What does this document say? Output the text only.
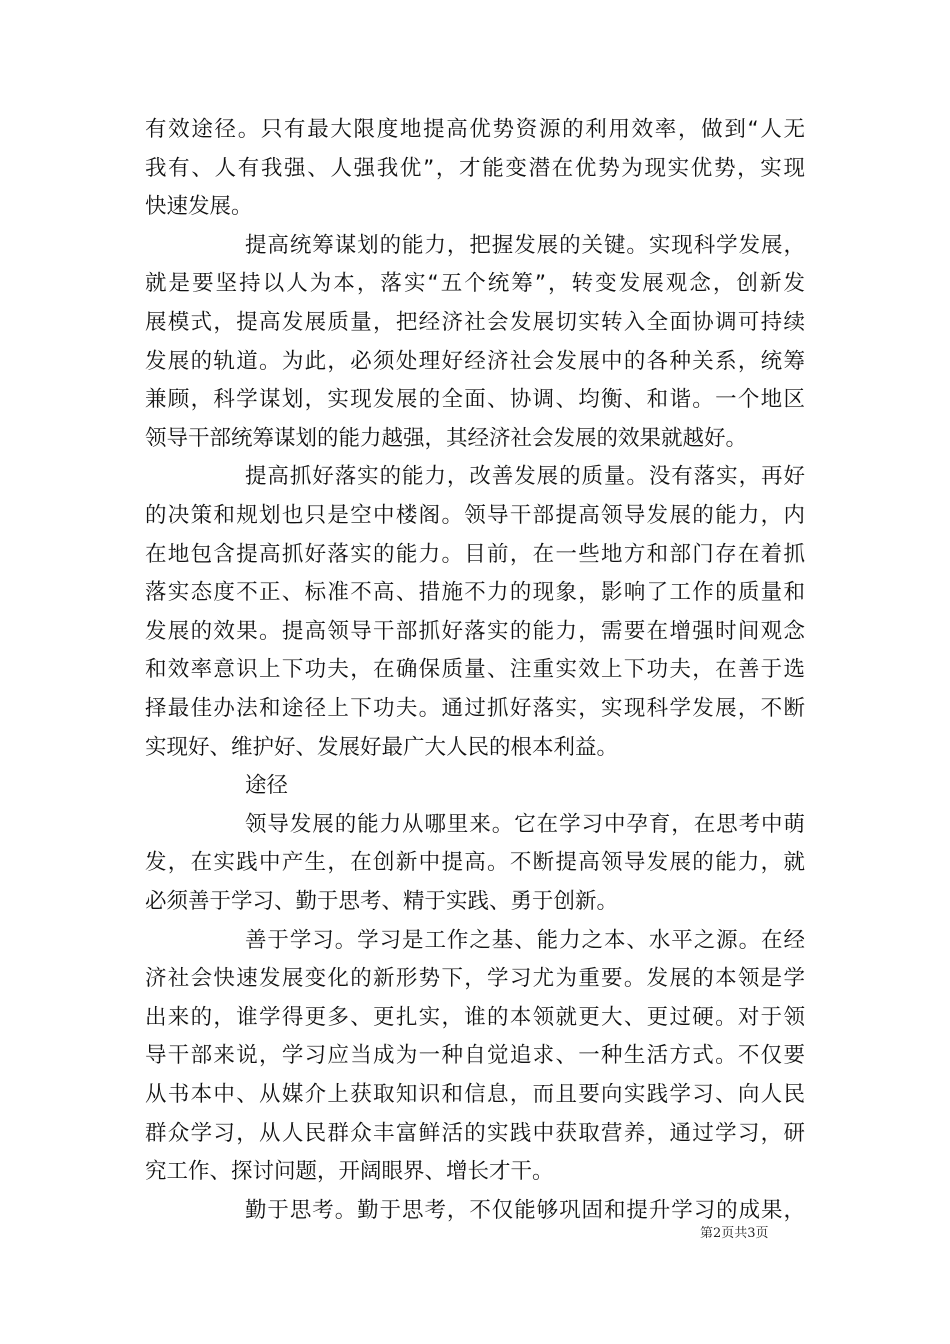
有效途径。只有最大限度地提高优势资源的利用效率，做到“人无
我有、人有我强、人强我优”，才能变潜在优势为现实优势，实现
快速发展。
提高统筹谋划的能力，把握发展的关键。实现科学发展，
就是要坚持以人为本，落实“五个统筹”，转变发展观念，创新发
展模式，提高发展质量，把经济社会发展切实转入全面协调可持续
发展的轨道。为此，必须处理好经济社会发展中的各种关系，统筹
兼顾，科学谋划，实现发展的全面、协调、均衡、和谐。一个地区
领导干部统筹谋划的能力越强，其经济社会发展的效果就越好。
提高抓好落实的能力，改善发展的质量。没有落实，再好
的决策和规划也只是空中楼阁。领导干部提高领导发展的能力，内
在地包含提高抓好落实的能力。目前，在一些地方和部门存在着抓
落实态度不正、标准不高、措施不力的现象，影响了工作的质量和
发展的效果。提高领导干部抓好落实的能力，需要在增强时间观念
和效率意识上下功夫，在确保质量、注重实效上下功夫，在善于选
择最佳办法和途径上下功夫。通过抓好落实，实现科学发展，不断
实现好、维护好、发展好最广大人民的根本利益。
途径
领导发展的能力从哪里来。它在学习中孕育，在思考中萌
发，在实践中产生，在创新中提高。不断提高领导发展的能力，就
必须善于学习、勤于思考、精于实践、勇于创新。
善于学习。学习是工作之基、能力之本、水平之源。在经
济社会快速发展变化的新形势下，学习尤为重要。发展的本领是学
出来的，谁学得更多、更扎实，谁的本领就更大、更过硬。对于领
导干部来说，学习应当成为一种自觉追求、一种生活方式。不仅要
从书本中、从媒介上获取知识和信息，而且要向实践学习、向人民
群众学习，从人民群众丰富鲜活的实践中获取营养，通过学习，研
究工作、探讨问题，开阔眼界、增长才干。
勤于思考。勤于思考，不仅能够巩固和提升学习的成果，
第2页共3页
